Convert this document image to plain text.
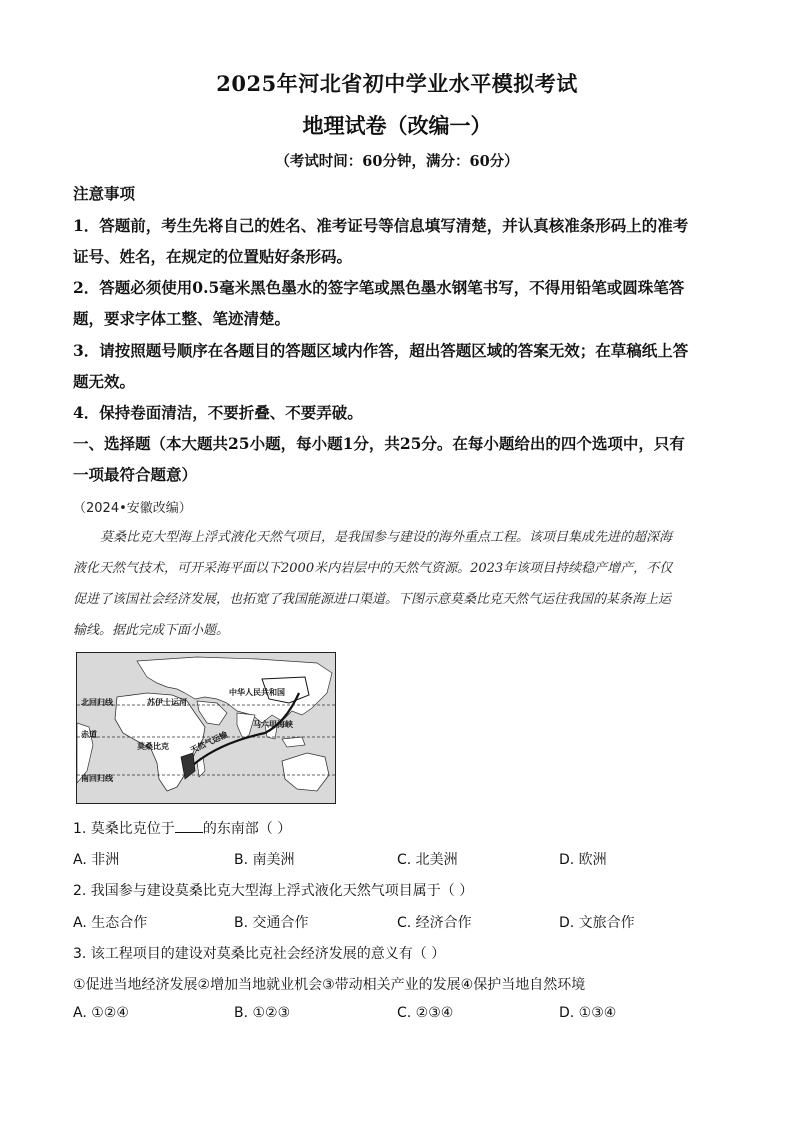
2025年河北省初中学业水平模拟考试
地理试卷（改编一）
（考试时间：60分钟，满分：60分）
注意事项
1．答题前，考生先将自己的姓名、准考证号等信息填写清楚，并认真核准条形码上的准考
证号、姓名，在规定的位置贴好条形码。
2．答题必须使用0.5毫米黑色墨水的签字笔或黑色墨水钢笔书写，不得用铅笔或圆珠笔答
题，要求字体工整、笔迹清楚。
3．请按照题号顺序在各题目的答题区域内作答，超出答题区域的答案无效；在草稿纸上答
题无效。
4．保持卷面清洁，不要折叠、不要弄破。
一、选择题（本大题共25小题，每小题1分，共25分。在每小题给出的四个选项中，只有
一项最符合题意）
（2024•安徽改编）
莫桑比克大型海上浮式液化天然气项目，是我国参与建设的海外重点工程。该项目集成先进的超深海
液化天然气技术，可开采海平面以下2000米内岩层中的天然气资源。2023年该项目持续稳产增产，不仅
促进了该国社会经济发展，也拓宽了我国能源进口渠道。下图示意莫桑比克天然气运往我国的某条海上运
输线。据此完成下面小题。
北回归线	苏伊士运河
中华人民共和国
马六甲海峡
赤道
莫桑比克 天然气运输
南回归线
1. 莫桑比克位于 的东南部（ ）
A. 非洲	B. 南美洲	C. 北美洲	D. 欧洲
2. 我国参与建设莫桑比克大型海上浮式液化天然气项目属于（ ）
A. 生态合作	B. 交通合作	C. 经济合作	D. 文旅合作
3. 该工程项目的建设对莫桑比克社会经济发展的意义有（ ）
①促进当地经济发展②增加当地就业机会③带动相关产业的发展④保护当地自然环境
A. ①②④	B. ①②③	C. ②③④	D. ①③④
